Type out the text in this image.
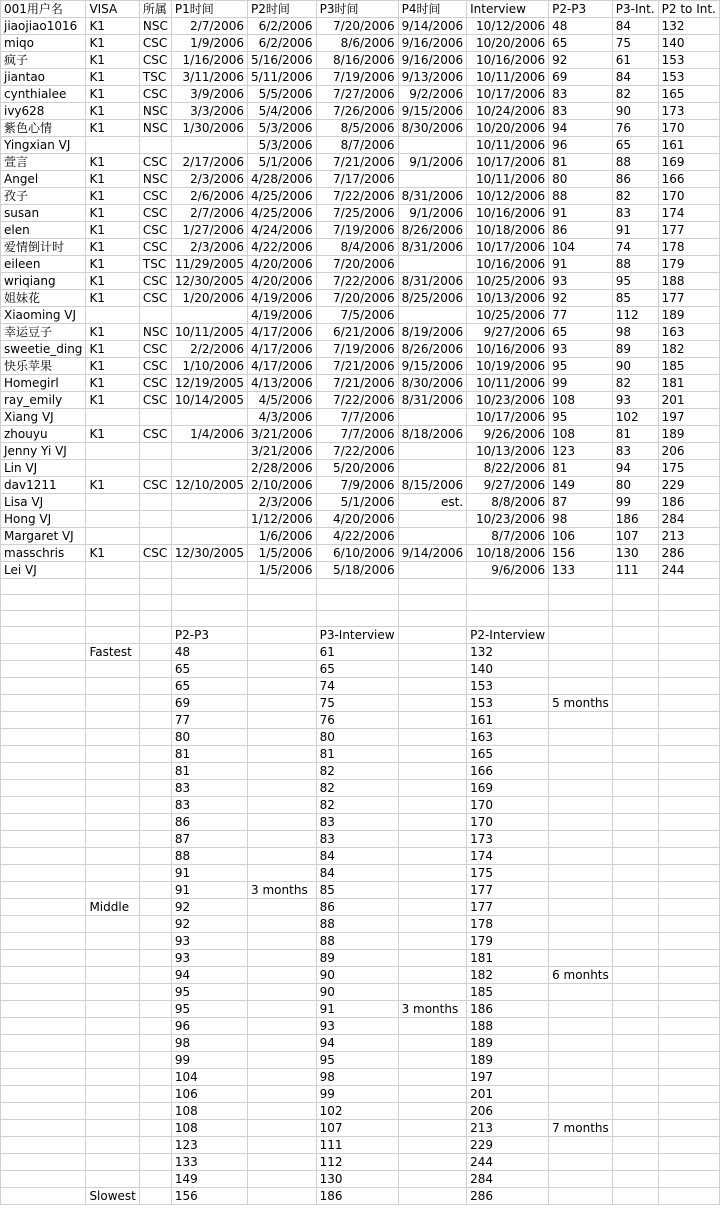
001用户名	VISA	所属	P1时间	P2时间	P3时间	P4时间	Interview	P2-P3	P3-Int.	P2 to Int.
jiaojiao1016	K1	NSC	2/7/2006	6/2/2006	7/20/2006	9/14/2006	10/12/2006	48	84	132
miqo	K1	CSC	1/9/2006	6/2/2006	8/6/2006	9/16/2006	10/20/2006	65	75	140
疯子	K1	CSC	1/16/2006	5/16/2006	8/16/2006	9/16/2006	10/16/2006	92	61	153
jiantao	K1	TSC	3/11/2006	5/11/2006	7/19/2006	9/13/2006	10/11/2006	69	84	153
cynthialee	K1	CSC	3/9/2006	5/5/2006	7/27/2006	9/2/2006	10/17/2006	83	82	165
ivy628	K1	NSC	3/3/2006	5/4/2006	7/26/2006	9/15/2006	10/24/2006	83	90	173
紫色心情	K1	NSC	1/30/2006	5/3/2006	8/5/2006	8/30/2006	10/20/2006	94	76	170
Yingxian VJ				5/3/2006	8/7/2006		10/11/2006	96	65	161
萱言	K1	CSC	2/17/2006	5/1/2006	7/21/2006	9/1/2006	10/17/2006	81	88	169
Angel	K1	NSC	2/3/2006	4/28/2006	7/17/2006		10/11/2006	80	86	166
孜子	K1	CSC	2/6/2006	4/25/2006	7/22/2006	8/31/2006	10/12/2006	88	82	170
susan	K1	CSC	2/7/2006	4/25/2006	7/25/2006	9/1/2006	10/16/2006	91	83	174
elen	K1	CSC	1/27/2006	4/24/2006	7/19/2006	8/26/2006	10/18/2006	86	91	177
爱情倒计时	K1	CSC	2/3/2006	4/22/2006	8/4/2006	8/31/2006	10/17/2006	104	74	178
eileen	K1	TSC	11/29/2005	4/20/2006	7/20/2006		10/16/2006	91	88	179
wriqiang	K1	CSC	12/30/2005	4/20/2006	7/22/2006	8/31/2006	10/25/2006	93	95	188
姐妹花	K1	CSC	1/20/2006	4/19/2006	7/20/2006	8/25/2006	10/13/2006	92	85	177
Xiaoming VJ				4/19/2006	7/5/2006		10/25/2006	77	112	189
幸运豆子	K1	NSC	10/11/2005	4/17/2006	6/21/2006	8/19/2006	9/27/2006	65	98	163
sweetie_ding	K1	CSC	2/2/2006	4/17/2006	7/19/2006	8/26/2006	10/16/2006	93	89	182
快乐苹果	K1	CSC	1/10/2006	4/17/2006	7/21/2006	9/15/2006	10/19/2006	95	90	185
Homegirl	K1	CSC	12/19/2005	4/13/2006	7/21/2006	8/30/2006	10/11/2006	99	82	181
ray_emily	K1	CSC	10/14/2005	4/5/2006	7/22/2006	8/31/2006	10/23/2006	108	93	201
Xiang VJ				4/3/2006	7/7/2006		10/17/2006	95	102	197
zhouyu	K1	CSC	1/4/2006	3/21/2006	7/7/2006	8/18/2006	9/26/2006	108	81	189
Jenny Yi VJ				3/21/2006	7/22/2006		10/13/2006	123	83	206
Lin VJ				2/28/2006	5/20/2006		8/22/2006	81	94	175
dav1211	K1	CSC	12/10/2005	2/10/2006	7/9/2006	8/15/2006	9/27/2006	149	80	229
Lisa VJ				2/3/2006	5/1/2006	est.	8/8/2006	87	99	186
Hong VJ				1/12/2006	4/20/2006		10/23/2006	98	186	284
Margaret VJ				1/6/2006	4/22/2006		8/7/2006	106	107	213
masschris	K1	CSC	12/30/2005	1/5/2006	6/10/2006	9/14/2006	10/18/2006	156	130	286
Lei VJ				1/5/2006	5/18/2006		9/6/2006	133	111	244

			P2-P3		P3-Interview		P2-Interview			
	Fastest		48		61		132			
			65		65		140			
			65		74		153			
			69		75		153	5 months		
			77		76		161			
			80		80		163			
			81		81		165			
			81		82		166			
			83		82		169			
			83		82		170			
			86		83		170			
			87		83		173			
			88		84		174			
			91		84		175			
			91	3 months	85		177			
	Middle		92		86		177			
			92		88		178			
			93		88		179			
			93		89		181			
			94		90		182	6 monhts		
			95		90		185			
			95		91	3 months	186			
			96		93		188			
			98		94		189			
			99		95		189			
			104		98		197			
			106		99		201			
			108		102		206			
			108		107		213	7 months		
			123		111		229			
			133		112		244			
			149		130		284			
	Slowest		156		186		286			
